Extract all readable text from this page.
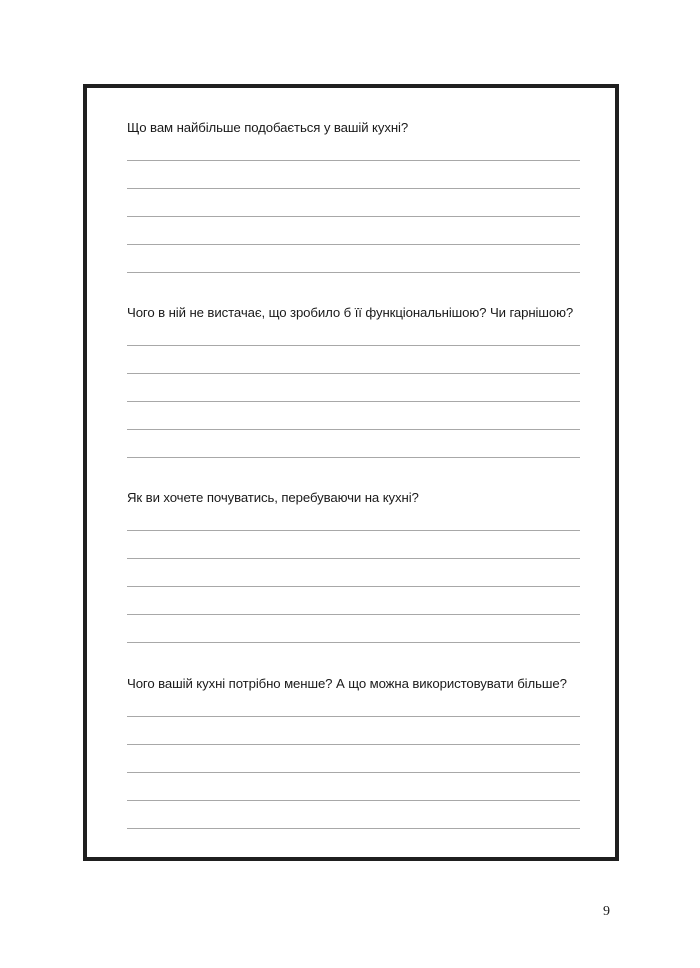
Що вам найбільше подобається у вашій кухні?

Чого в ній не вистачає, що зробило б її функціональнішою? Чи гарнішою?

Як ви хочете почуватись, перебуваючи на кухні?

Чого вашій кухні потрібно менше? А що можна використовувати більше?

9
